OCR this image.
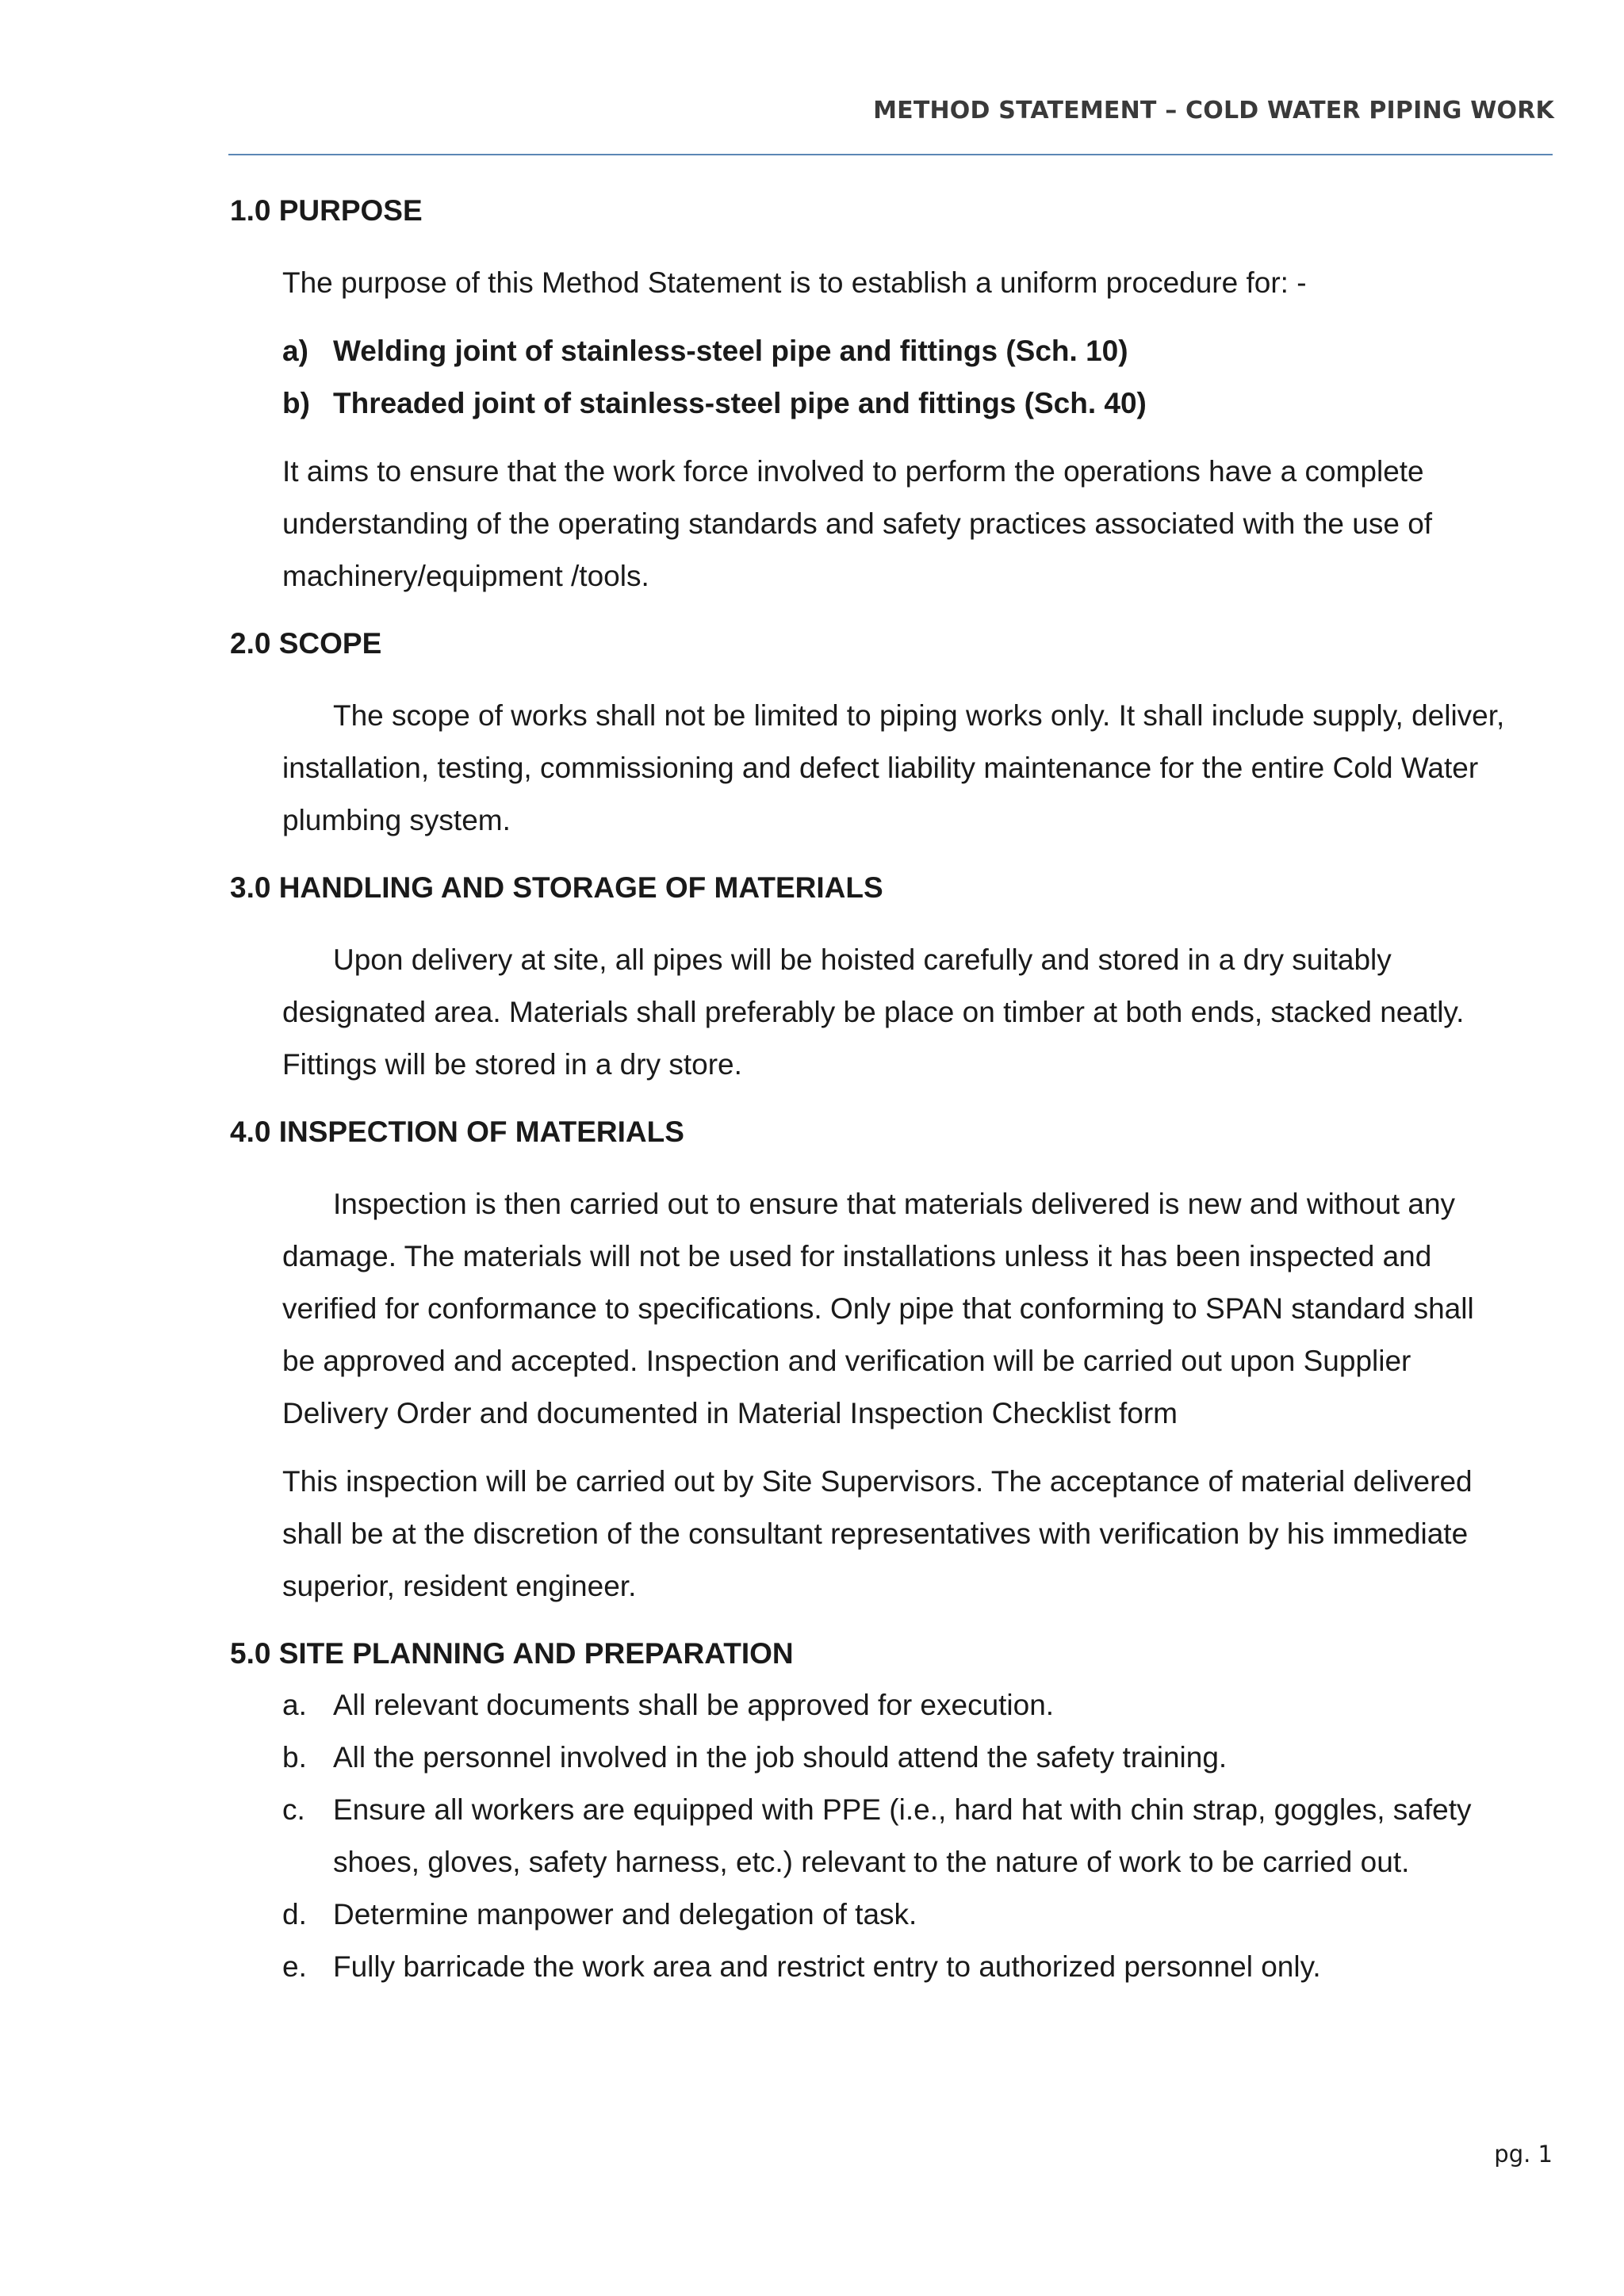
METHOD STATEMENT – COLD WATER PIPING WORK
1.0 PURPOSE

The purpose of this Method Statement is to establish a uniform procedure for: -

a) Welding joint of stainless-steel pipe and fittings (Sch. 10)
b) Threaded joint of stainless-steel pipe and fittings (Sch. 40)

It aims to ensure that the work force involved to perform the operations have a complete understanding of the operating standards and safety practices associated with the use of machinery/equipment /tools.

2.0 SCOPE

The scope of works shall not be limited to piping works only. It shall include supply, deliver, installation, testing, commissioning and defect liability maintenance for the entire Cold Water plumbing system.

3.0 HANDLING AND STORAGE OF MATERIALS

Upon delivery at site, all pipes will be hoisted carefully and stored in a dry suitably designated area. Materials shall preferably be place on timber at both ends, stacked neatly. Fittings will be stored in a dry store.

4.0 INSPECTION OF MATERIALS

Inspection is then carried out to ensure that materials delivered is new and without any damage. The materials will not be used for installations unless it has been inspected and verified for conformance to specifications. Only pipe that conforming to SPAN standard shall be approved and accepted. Inspection and verification will be carried out upon Supplier Delivery Order and documented in Material Inspection Checklist form

This inspection will be carried out by Site Supervisors. The acceptance of material delivered shall be at the discretion of the consultant representatives with verification by his immediate superior, resident engineer.

5.0 SITE PLANNING AND PREPARATION
a. All relevant documents shall be approved for execution.
b. All the personnel involved in the job should attend the safety training.
c. Ensure all workers are equipped with PPE (i.e., hard hat with chin strap, goggles, safety shoes, gloves, safety harness, etc.) relevant to the nature of work to be carried out.
d. Determine manpower and delegation of task.
e. Fully barricade the work area and restrict entry to authorized personnel only.
pg. 1
